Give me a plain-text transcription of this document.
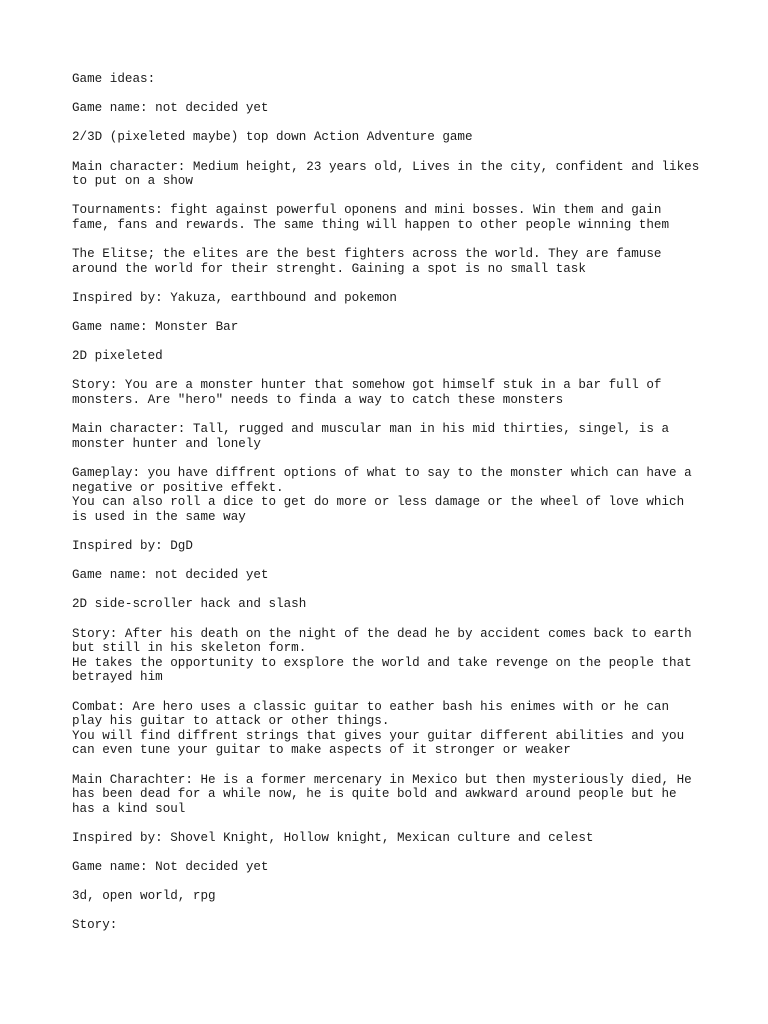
Game ideas:
Game name: not decided yet
2/3D (pixeleted maybe) top down Action Adventure game
Main character: Medium height, 23 years old, Lives in the city, confident and likes
to put on a show
Tournaments: fight against powerful oponens and mini bosses. Win them and gain
fame, fans and rewards. The same thing will happen to other people winning them
The Elitse; the elites are the best fighters across the world. They are famuse
around the world for their strenght. Gaining a spot is no small task
Inspired by: Yakuza, earthbound and pokemon
Game name: Monster Bar
2D pixeleted
Story: You are a monster hunter that somehow got himself stuk in a bar full of
monsters. Are "hero" needs to finda a way to catch these monsters
Main character: Tall, rugged and muscular man in his mid thirties, singel, is a
monster hunter and lonely
Gameplay: you have diffrent options of what to say to the monster which can have a
negative or positive effekt.
You can also roll a dice to get do more or less damage or the wheel of love which
is used in the same way
Inspired by: DgD
Game name: not decided yet
2D side-scroller hack and slash
Story: After his death on the night of the dead he by accident comes back to earth
but still in his skeleton form.
He takes the opportunity to exsplore the world and take revenge on the people that
betrayed him
Combat: Are hero uses a classic guitar to eather bash his enimes with or he can
play his guitar to attack or other things.
You will find diffrent strings that gives your guitar different abilities and you
can even tune your guitar to make aspects of it stronger or weaker
Main Charachter: He is a former mercenary in Mexico but then mysteriously died, He
has been dead for a while now, he is quite bold and awkward around people but he
has a kind soul
Inspired by: Shovel Knight, Hollow knight, Mexican culture and celest
Game name: Not decided yet
3d, open world, rpg
Story:
